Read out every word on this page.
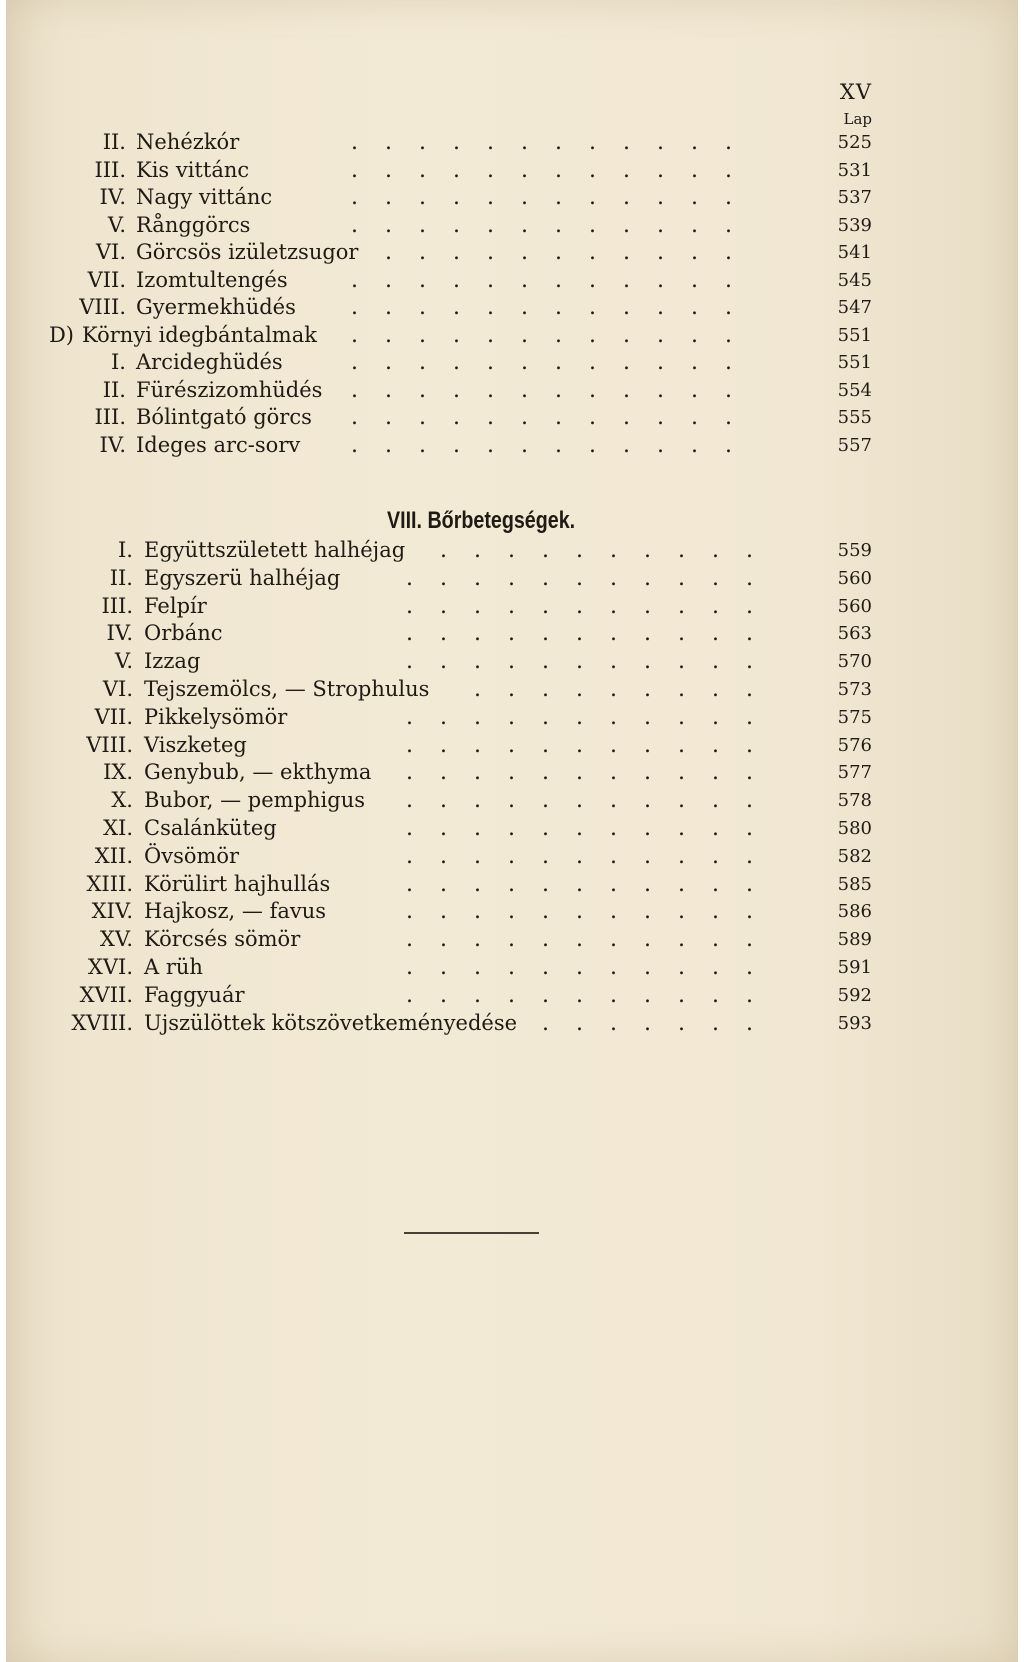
XV
Lap
II. Nehézkór	. . . . . . . . . . . .	525
III. Kis vittánc	. . . . . . . . . . . .	531
IV. Nagy vittánc	. . . . . . . . . . . .	537
V. Rånggörcs	. . . . . . . . . . . .	539
VI. Görcsös izületzsugor . . . . . . . . . . .	541
VII. Izomtultengés	. . . . . . . . . . . .	545
VIII. Gyermekhüdés	. . . . . . . . . . . .	547
D) Környi idegbántalmak . . . . . . . . . . . .	551
I. Arcideghüdés	. . . . . . . . . . . .	551
II. Fürészizomhüdés . . . . . . . . . . . .	554
III. Bólintgató görcs . . . . . . . . . . . .	555
IV. Ideges arc-sorv . . . . . . . . . . . .	557
VIII. Bőrbetegségek.
I. Együttszületett halhéjag . . . . . . . . . .	559
II. Egyszerü halhéjag	. . . . . . . . . . .	560
III. Felpír	. . . . . . . . . . .	560
IV. Orbánc	. . . . . . . . . . .	563
V. Izzag	. . . . . . . . . . .	570
VI. Tejszemölcs, — Strophulus . . . . . . . . .	573
VII. Pikkelysömör	. . . . . . . . . . .	575
VIII. Viszketeg	. . . . . . . . . . .	576
IX. Genybub, — ekthyma . . . . . . . . . . .	577
X. Bubor, — pemphigus . . . . . . . . . . .	578
XI. Csalánküteg	. . . . . . . . . . .	580
XII. Övsömör	. . . . . . . . . . .	582
XIII. Körülirt hajhullás	. . . . . . . . . . .	585
XIV. Hajkosz, — favus	. . . . . . . . . . .	586
XV. Körcsés sömör	. . . . . . . . . . .	589
XVI. A rüh	. . . . . . . . . . .	591
XVII. Faggyuár	. . . . . . . . . . .	592
XVIII. Ujszülöttek kötszövetkeményedése . . . . . . .	593
